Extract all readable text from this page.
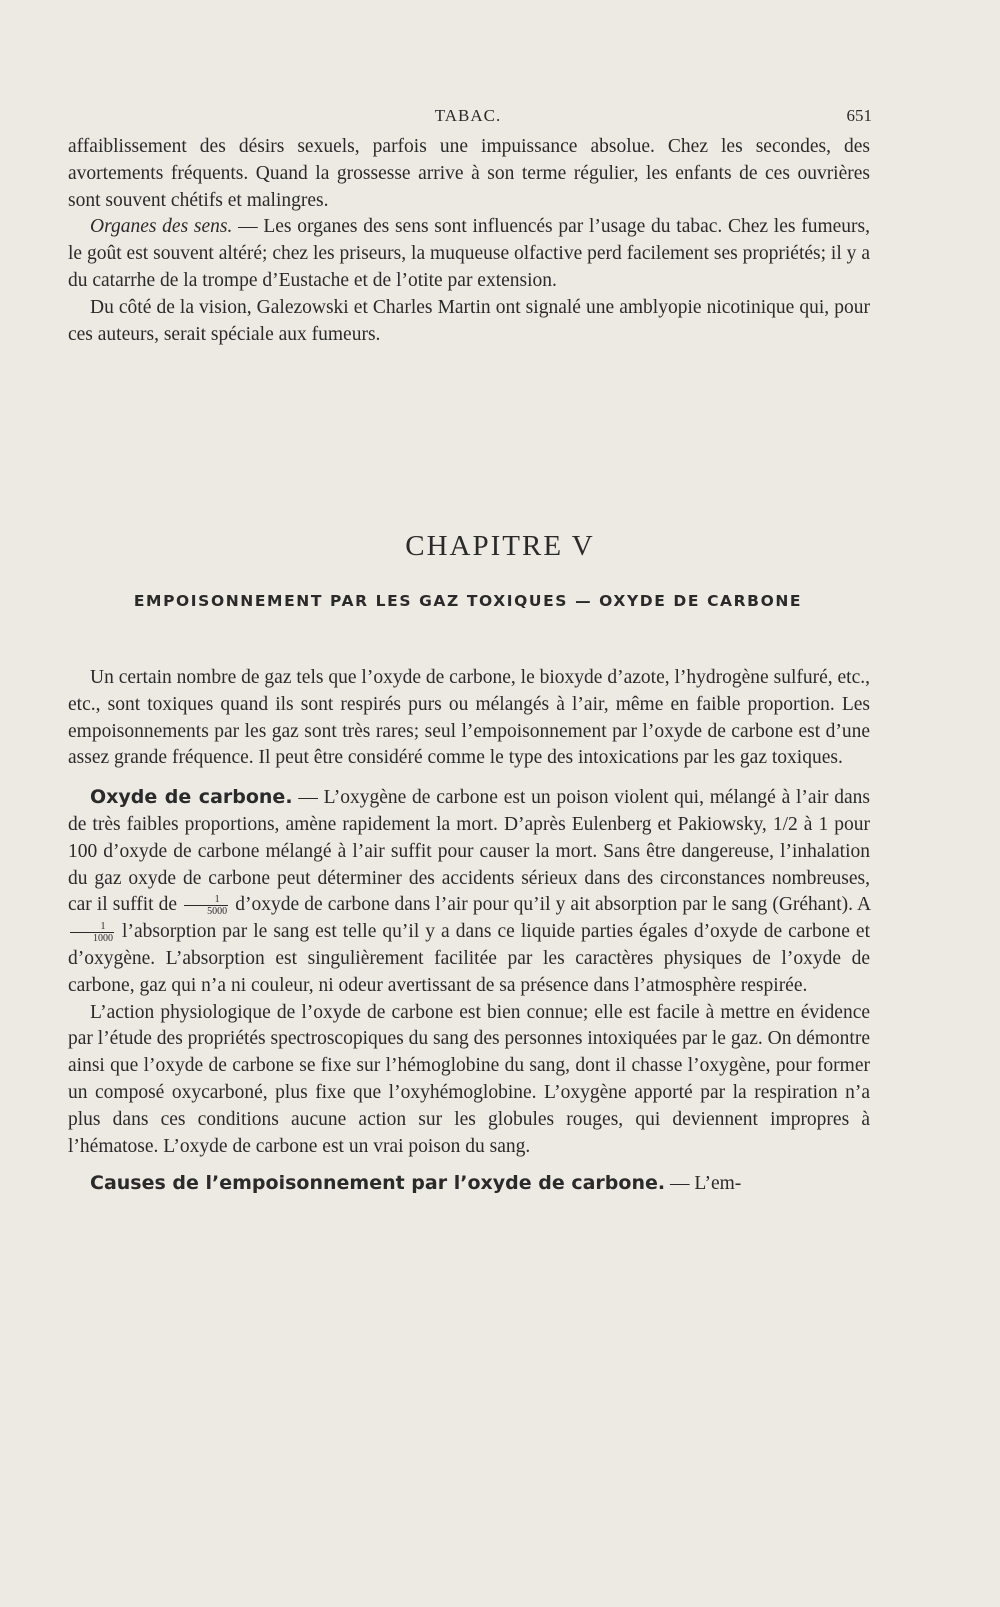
TABAC.	651

affaiblissement des désirs sexuels, parfois une impuissance absolue. Chez les secondes, des avortements fréquents. Quand la grossesse arrive à son terme régulier, les enfants de ces ouvrières sont souvent chétifs et malingres.

Organes des sens. — Les organes des sens sont influencés par l’usage du tabac. Chez les fumeurs, le goût est souvent altéré; chez les priseurs, la muqueuse olfactive perd facilement ses propriétés; il y a du catarrhe de la trompe d’Eustache et de l’otite par extension.

Du côté de la vision, Galezowski et Charles Martin ont signalé une amblyopie nicotinique qui, pour ces auteurs, serait spéciale aux fumeurs.

CHAPITRE V
EMPOISONNEMENT PAR LES GAZ TOXIQUES — OXYDE DE CARBONE

Un certain nombre de gaz tels que l’oxyde de carbone, le bioxyde d’azote, l’hydrogène sulfuré, etc., etc., sont toxiques quand ils sont respirés purs ou mélangés à l’air, même en faible proportion. Les empoisonnements par les gaz sont très rares; seul l’empoisonnement par l’oxyde de carbone est d’une assez grande fréquence. Il peut être considéré comme le type des intoxications par les gaz toxiques.

Oxyde de carbone. — L’oxygène de carbone est un poison violent qui, mélangé à l’air dans de très faibles proportions, amène rapidement la mort. D’après Eulenberg et Pakiowsky, 1/2 à 1 pour 100 d’oxyde de carbone mélangé à l’air suffit pour causer la mort. Sans être dangereuse, l’inhalation du gaz oxyde de carbone peut déterminer des accidents sérieux dans des circonstances nombreuses, car il suffit de $\frac{1}{5000}$ d’oxyde de carbone dans l’air pour qu’il y ait absorption par le sang (Gréhant). A
$\frac{1}{1000}$ l’absorption par le sang est telle qu’il y a dans ce liquide parties égales d’oxyde de carbone et d’oxygène. L’absorption est singulièrement facilitée par les caractères physiques de l’oxyde de carbone, gaz qui n’a ni couleur, ni odeur avertissant de sa présence dans l’atmosphère respirée.

L’action physiologique de l’oxyde de carbone est bien connue; elle est facile à mettre en évidence par l’étude des propriétés spectroscopiques du sang des personnes intoxiquées par le gaz. On démontre ainsi que l’oxyde de carbone se fixe sur l’hémoglobine du sang, dont il chasse l’oxygène, pour former un composé oxycarboné, plus fixe que l’oxyhémoglobine. L’oxygène apporté par la respiration n’a plus dans ces conditions aucune action sur les globules rouges, qui deviennent impropres à l’hématose. L’oxyde de carbone est un vrai poison du sang.

Causes de l’empoisonnement par l’oxyde de carbone. — L’em-
